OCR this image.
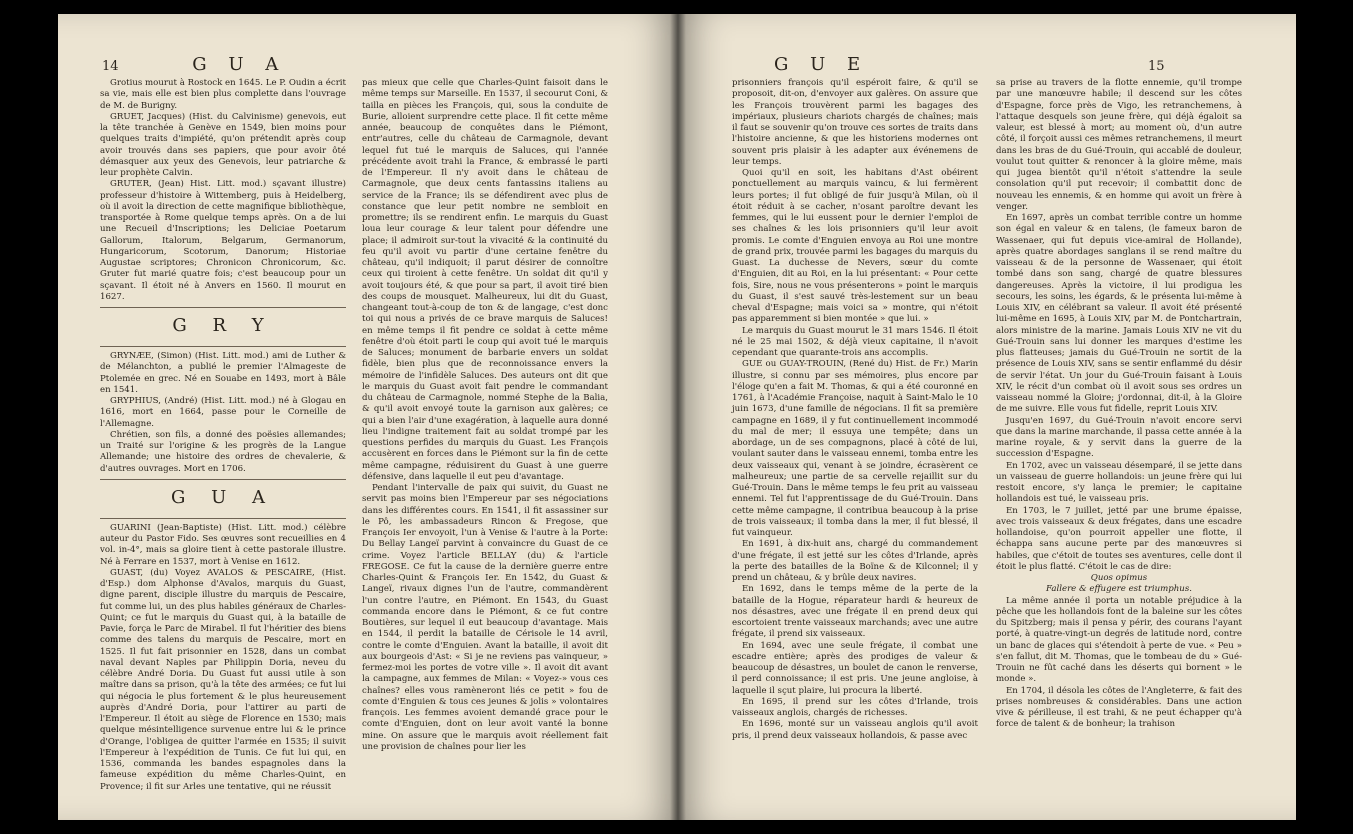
14	G U A

Grotius mourut à Rostock en 1645. Le P. Oudin a écrit sa vie, mais elle est bien plus complette dans l'ouvrage de M. de Burigny.

GRUET, Jacques) (Hist. du Calvinisme) genevois, eut la tête tranchée à Genève en 1549, bien moins pour quelques traits d'impiété, qu'on prétendit après coup avoir trouvés dans ses papiers, que pour avoir ôté démasquer aux yeux des Genevois, leur patriarche & leur prophète Calvin.

GRUTER, (Jean) Hist. Litt. mod.) sçavant illustre) professeur d'histoire à Wittemberg, puis à Heidelberg, où il avoit la direction de cette magnifique bibliothèque, transportée à Rome quelque temps après. On a de lui une Recueil d'Inscriptions; les Deliciae Poetarum Gallorum, Italorum, Belgarum, Germanorum, Hungaricorum, Scotorum, Danorum; Historiae Augustae scriptores; Chronicon Chronicorum, &c. Gruter fut marié quatre fois; c'est beaucoup pour un sçavant. Il étoit né à Anvers en 1560. Il mourut en 1627.

G R Y

GRYNÆE, (Simon) (Hist. Litt. mod.) ami de Luther & de Mélanchton, a publié le premier l'Almageste de Ptolemée en grec. Né en Souabe en 1493, mort à Bâle en 1541.

GRYPHIUS, (André) (Hist. Litt. mod.) né à Glogau en 1616, mort en 1664, passe pour le Corneille de l'Allemagne.

Chrétien, son fils, a donné des poësies allemandes; un Traité sur l'origine & les progrès de la Langue Allemande; une histoire des ordres de chevalerie, & d'autres ouvrages. Mort en 1706.

G U A

GUARINI (Jean-Baptiste) (Hist. Litt. mod.) célèbre auteur du Pastor Fido. Ses œuvres sont recueillies en 4 vol. in-4°, mais sa gloire tient à cette pastorale illustre. Né à Ferrare en 1537, mort à Venise en 1612.

GUAST, (du) Voyez AVALOS & PESCAIRE, (Hist. d'Esp.) dom Alphonse d'Avalos, marquis du Guast, digne parent, disciple illustre du marquis de Pescaire, fut comme lui, un des plus habiles généraux de Charles-Quint; ce fut le marquis du Guast qui, à la bataille de Pavie, força le Parc de Mirabel. Il fut l'héritier des biens comme des talens du marquis de Pescaire, mort en 1525. Il fut fait prisonnier en 1528, dans un combat naval devant Naples par Philippin Doria, neveu du célèbre André Doria. Du Guast fut aussi utile à son maître dans sa prison, qu'à la tête des armées; ce fut lui qui négocia le plus fortement & le plus heureusement auprès d'André Doria, pour l'attirer au parti de l'Empereur. Il étoit au siège de Florence en 1530; mais quelque mésintelligence survenue entre lui & le prince d'Orange, l'obligea de quitter l'armée en 1535; il suivit l'Empereur à l'expédition de Tunis. Ce fut lui qui, en 1536, commanda les bandes espagnoles dans la fameuse expédition du même Charles-Quint, en Provence; il fit sur Arles une tentative, qui ne réussit

pas mieux que celle que Charles-Quint faisoit dans le même temps sur Marseille. En 1537, il secourut Coni, & tailla en pièces les François, qui, sous la conduite de Burie, alloient surprendre cette place. Il fit cette même année, beaucoup de conquêtes dans le Piémont, entr'autres, celle du château de Carmagnole, devant lequel fut tué le marquis de Saluces, qui l'année précédente avoit trahi la France, & embrassé le parti de l'Empereur. Il n'y avoit dans le château de Carmagnole, que deux cents fantassins italiens au service de la France; ils se défendirent avec plus de constance que leur petit nombre ne sembloit en promettre; ils se rendirent enfin. Le marquis du Guast loua leur courage & leur talent pour défendre une place; il admiroit sur-tout la vivacité & la continuité du feu qu'il avoit vu partir d'une certaine fenêtre du château, qu'il indiquoit; il parut désirer de connoître ceux qui tiroient à cette fenêtre. Un soldat dit qu'il y avoit toujours été, & que pour sa part, il avoit tiré bien des coups de mousquet. Malheureux, lui dit du Guast, changeant tout-à-coup de ton & de langage, c'est donc toi qui nous a privés de ce brave marquis de Saluces! en même temps il fit pendre ce soldat à cette même fenêtre d'où étoit parti le coup qui avoit tué le marquis de Saluces; monument de barbarie envers un soldat fidèle, bien plus que de reconnoissance envers la mémoire de l'infidèle Saluces. Des auteurs ont dit que le marquis du Guast avoit fait pendre le commandant du château de Carmagnole, nommé Stephe de la Balia, & qu'il avoit envoyé toute la garnison aux galères; ce qui a bien l'air d'une exagération, à laquelle aura donné lieu l'indigne traitement fait au soldat trompé par les questions perfides du marquis du Guast. Les François accusèrent en forces dans le Piémont sur la fin de cette même campagne, réduisirent du Guast à une guerre défensive, dans laquelle il eut peu d'avantage.

Pendant l'intervalle de paix qui suivit, du Guast ne servit pas moins bien l'Empereur par ses négociations dans les différentes cours. En 1541, il fit assassiner sur le Pô, les ambassadeurs Rincon & Fregose, que François Ier envoyoit, l'un à Venise & l'autre à la Porte: Du Bellay Langeï parvint à convaincre du Guast de ce crime. Voyez l'article BELLAY (du) & l'article FREGOSE. Ce fut la cause de la dernière guerre entre Charles-Quint & François Ier. En 1542, du Guast & Langeï, rivaux dignes l'un de l'autre, commandèrent l'un contre l'autre, en Piémont. En 1543, du Guast commanda encore dans le Piémont, & ce fut contre Boutières, sur lequel il eut beaucoup d'avantage. Mais en 1544, il perdit la bataille de Cérisole le 14 avril, contre le comte d'Enguien. Avant la bataille, il avoit dit aux bourgeois d'Ast: « Si je ne reviens pas vainqueur, » fermez-moi les portes de votre ville ». Il avoit dit avant la campagne, aux femmes de Milan: « Voyez-» vous ces chaînes? elles vous ramèneront liés ce petit » fou de comte d'Enguien & tous ces jeunes & jolis » volontaires françois. Les femmes avoient demandé grace pour le comte d'Enguien, dont on leur avoit vanté la bonne mine. On assure que le marquis avoit réellement fait une provision de chaînes pour lier les

G U E	15

prisonniers françois qu'il espéroit faire, & qu'il se proposoit, dit-on, d'envoyer aux galères. On assure que les François trouvèrent parmi les bagages des impériaux, plusieurs chariots chargés de chaînes; mais il faut se souvenir qu'on trouve ces sortes de traits dans l'histoire ancienne, & que les historiens modernes ont souvent pris plaisir à les adapter aux événemens de leur temps.

Quoi qu'il en soit, les habitans d'Ast obéirent ponctuellement au marquis vaincu, & lui fermèrent leurs portes; il fut obligé de fuir jusqu'à Milan, où il étoit réduit à se cacher, n'osant paroître devant les femmes, qui le lui eussent pour le dernier l'emploi de ses chaînes & les lois prisonniers qu'il leur avoit promis. Le comte d'Enguien envoya au Roi une montre de grand prix, trouvée parmi les bagages du marquis du Guast. La duchesse de Nevers, sœur du comte d'Enguien, dit au Roi, en la lui présentant: « Pour cette fois, Sire, nous ne vous présenterons » point le marquis du Guast, il s'est sauvé très-lestement sur un beau cheval d'Espagne; mais voici sa » montre, qui n'étoit pas apparemment si bien montée » que lui. »

Le marquis du Guast mourut le 31 mars 1546. Il étoit né le 25 mai 1502, & déjà vieux capitaine, il n'avoit cependant que quarante-trois ans accomplis.

GUE ou GUAY-TROUIN, (René du) Hist. de Fr.) Marin illustre, si connu par ses mémoires, plus encore par l'éloge qu'en a fait M. Thomas, & qui a été couronné en 1761, à l'Académie Françoise, naquit à Saint-Malo le 10 juin 1673, d'une famille de négocians. Il fit sa première campagne en 1689, il y fut continuellement incommodé du mal de mer; il essuya une tempête; dans un abordage, un de ses compagnons, placé à côté de lui, voulant sauter dans le vaisseau ennemi, tomba entre les deux vaisseaux qui, venant à se joindre, écrasèrent ce malheureux; une partie de sa cervelle rejaillit sur du Gué-Trouin. Dans le même temps le feu prit au vaisseau ennemi. Tel fut l'apprentissage de du Gué-Trouin. Dans cette même campagne, il contribua beaucoup à la prise de trois vaisseaux; il tomba dans la mer, il fut blessé, il fut vainqueur.

En 1691, à dix-huit ans, chargé du commandement d'une frégate, il est jetté sur les côtes d'Irlande, après la perte des batailles de la Boïne & de Kilconnel; il y prend un château, & y brûle deux navires.

En 1692, dans le temps même de la perte de la bataille de la Hogue, réparateur hardi & heureux de nos désastres, avec une frégate il en prend deux qui escortoient trente vaisseaux marchands; avec une autre frégate, il prend six vaisseaux.

En 1694, avec une seule frégate, il combat une escadre entière; après des prodiges de valeur & beaucoup de désastres, un boulet de canon le renverse, il perd connoissance; il est pris. Une jeune angloise, à laquelle il sçut plaire, lui procura la liberté.

En 1695, il prend sur les côtes d'Irlande, trois vaisseaux anglois, chargés de richesses.

En 1696, monté sur un vaisseau anglois qu'il avoit pris, il prend deux vaisseaux hollandois, & passe avec

sa prise au travers de la flotte ennemie, qu'il trompe par une manœuvre habile; il descend sur les côtes d'Espagne, force près de Vigo, les retranchemens, à l'attaque desquels son jeune frère, qui déjà égaloit sa valeur, est blessé à mort; au moment où, d'un autre côté, il forçoit aussi ces mêmes retranchemens, il meurt dans les bras de du Gué-Trouin, qui accablé de douleur, voulut tout quitter & renoncer à la gloire même, mais qui jugea bientôt qu'il n'étoit s'attendre la seule consolation qu'il put recevoir; il combattit donc de nouveau les ennemis, & en homme qui avoit un frère à venger.

En 1697, après un combat terrible contre un homme son égal en valeur & en talens, (le fameux baron de Wassenaer, qui fut depuis vice-amiral de Hollande), après quatre abordages sanglans il se rend maître du vaisseau & de la personne de Wassenaer, qui étoit tombé dans son sang, chargé de quatre blessures dangereuses. Après la victoire, il lui prodigua les secours, les soins, les égards, & le présenta lui-même à Louis XIV, en célébrant sa valeur. Il avoit été présenté lui-même en 1695, à Louis XIV, par M. de Pontchartrain, alors ministre de la marine. Jamais Louis XIV ne vit du Gué-Trouin sans lui donner les marques d'estime les plus flatteuses; jamais du Gué-Trouin ne sortit de la présence de Louis XIV, sans se sentir enflammé du désir de servir l'état. Un jour du Gué-Trouin faisant à Louis XIV, le récit d'un combat où il avoit sous ses ordres un vaisseau nommé la Gloire; j'ordonnai, dit-il, à la Gloire de me suivre. Elle vous fut fidelle, reprit Louis XIV.

Jusqu'en 1697, du Gué-Trouin n'avoit encore servi que dans la marine marchande, il passa cette année à la marine royale, & y servit dans la guerre de la succession d'Espagne.

En 1702, avec un vaisseau désemparé, il se jette dans un vaisseau de guerre hollandois: un jeune frère qui lui restoit encore, s'y lança le premier; le capitaine hollandois est tué, le vaisseau pris.

En 1703, le 7 juillet, jetté par une brume épaisse, avec trois vaisseaux & deux frégates, dans une escadre hollandoise, qu'on pourroit appeller une flotte, il échappa sans aucune perte par des manœuvres si habiles, que c'étoit de toutes ses aventures, celle dont il étoit le plus flatté. C'étoit le cas de dire:

Quos opimus

Fallere & effugere est triumphus.

La même année il porta un notable préjudice à la pêche que les hollandois font de la baleine sur les côtes du Spitzberg; mais il pensa y périr, des courans l'ayant porté, à quatre-vingt-un degrés de latitude nord, contre un banc de glaces qui s'étendoit à perte de vue. « Peu » s'en fallut, dit M. Thomas, que le tombeau de du » Gué-Trouin ne fût caché dans les déserts qui bornent » le monde ».

En 1704, il désola les côtes de l'Angleterre, & fait des prises nombreuses & considérables. Dans une action vive & périlleuse, il est trahi, & ne peut échapper qu'à force de talent & de bonheur; la trahison
